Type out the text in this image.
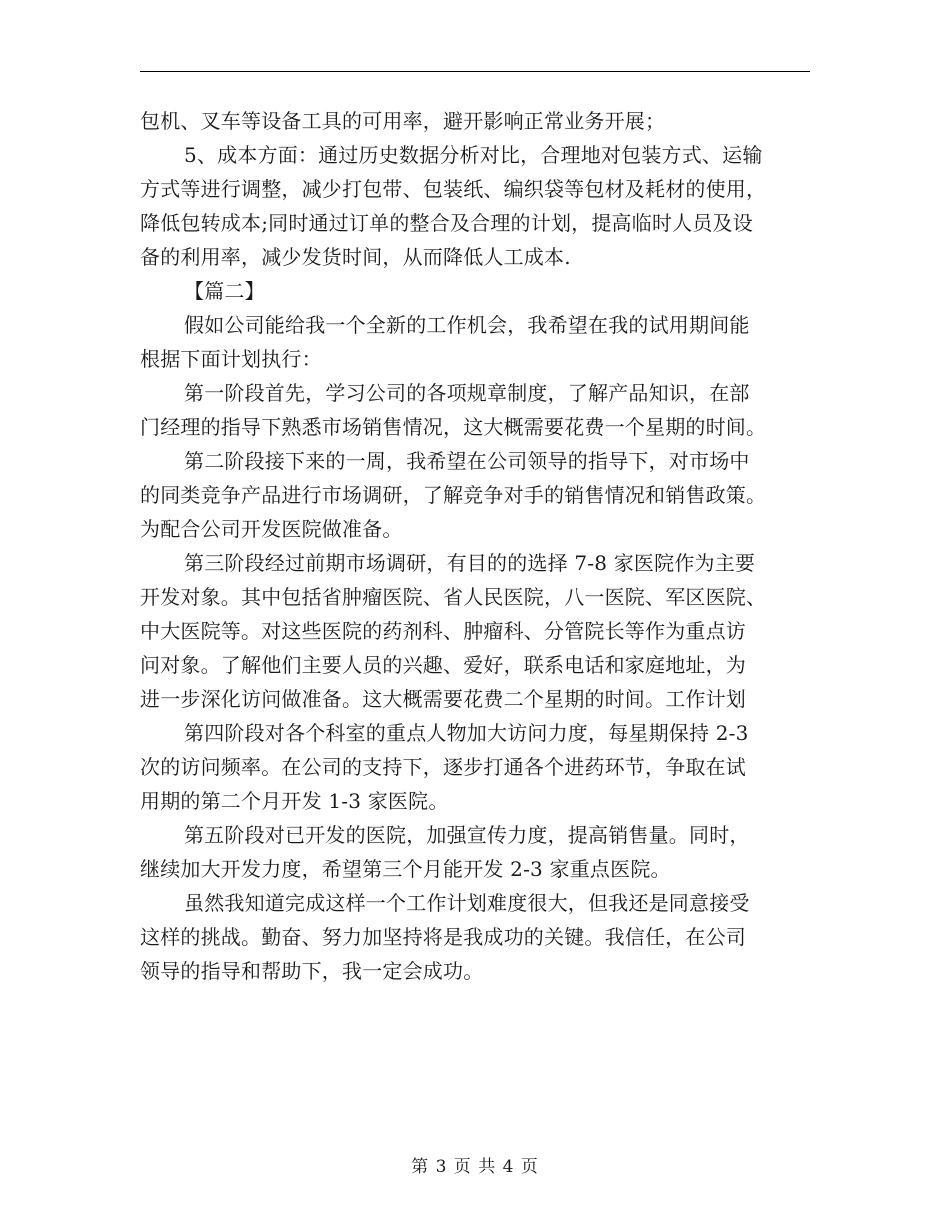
包机、叉车等设备工具的可用率，避开影响正常业务开展；
5、成本方面：通过历史数据分析对比，合理地对包装方式、运输
方式等进行调整，减少打包带、包装纸、编织袋等包材及耗材的使用，
降低包转成本;同时通过订单的整合及合理的计划，提高临时人员及设
备的利用率，减少发货时间，从而降低人工成本.
【篇二】
假如公司能给我一个全新的工作机会，我希望在我的试用期间能
根据下面计划执行：
第一阶段首先，学习公司的各项规章制度，了解产品知识，在部
门经理的指导下熟悉市场销售情况，这大概需要花费一个星期的时间。
第二阶段接下来的一周，我希望在公司领导的指导下，对市场中
的同类竞争产品进行市场调研，了解竞争对手的销售情况和销售政策。
为配合公司开发医院做准备。
第三阶段经过前期市场调研，有目的的选择 7-8 家医院作为主要
开发对象。其中包括省肿瘤医院、省人民医院，八一医院、军区医院、
中大医院等。对这些医院的药剂科、肿瘤科、分管院长等作为重点访
问对象。了解他们主要人员的兴趣、爱好，联系电话和家庭地址，为
进一步深化访问做准备。这大概需要花费二个星期的时间。工作计划
第四阶段对各个科室的重点人物加大访问力度，每星期保持 2-3
次的访问频率。在公司的支持下，逐步打通各个进药环节，争取在试
用期的第二个月开发 1-3 家医院。
第五阶段对已开发的医院，加强宣传力度，提高销售量。同时，
继续加大开发力度，希望第三个月能开发 2-3 家重点医院。
虽然我知道完成这样一个工作计划难度很大，但我还是同意接受
这样的挑战。勤奋、努力加坚持将是我成功的关键。我信任，在公司
领导的指导和帮助下，我一定会成功。
第 3 页 共 4 页
